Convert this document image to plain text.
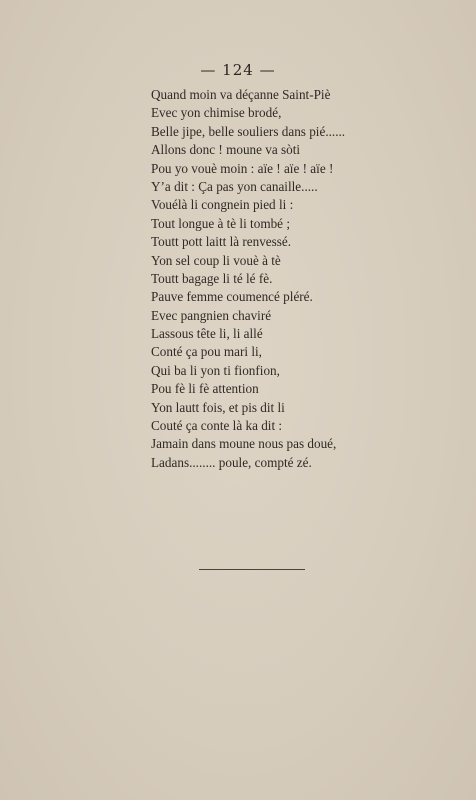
— 124 —
Quand moin va déçanne Saint-Piè
Evec yon chimise brodé,
Belle jipe, belle souliers dans pié......
Allons donc ! moune va sòti
Pou yo vouè moin : aïe ! aïe ! aïe !
Y’a dit : Ça pas yon canaille.....
Vouélà li congnein pied li :
Tout longue à tè li tombé ;
Toutt pott laitt là renvessé.
Yon sel coup li vouè à tè
Toutt bagage li té lé fè.
Pauve femme coumencé pléré.
Evec pangnien chaviré
Lassous tête li, li allé
Conté ça pou mari li,
Qui ba li yon ti fionfion,
Pou fè li fè attention
Yon lautt fois, et pis dit li
Couté ça conte là ka dit :
Jamain dans moune nous pas doué,
Ladans........ poule, compté zé.
